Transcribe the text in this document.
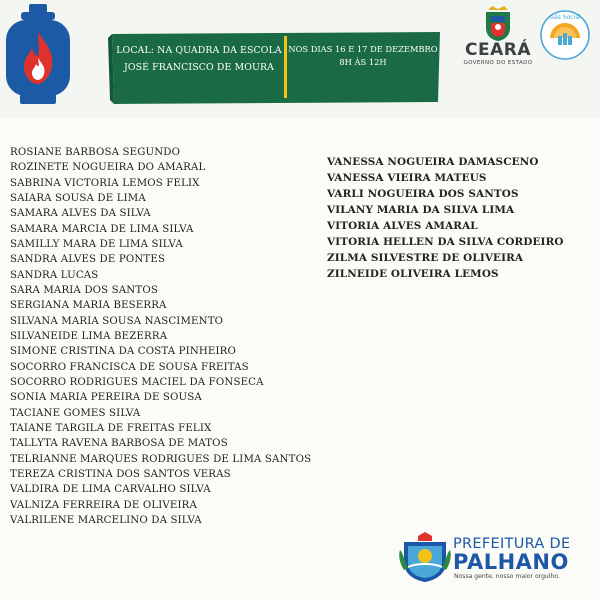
LOCAL: NA QUADRA DA ESCOLA
JOSÉ FRANCISCO DE MOURA
NOS DIAS 16 E 17 DE DEZEMBRO
8H ÀS 12H
CEARÁ
GOVERNO DO ESTADO
Gás Social
ROSIANE BARBOSA SEGUNDO
ROZINETE NOGUEIRA DO AMARAL
SABRINA VICTORIA LEMOS FELIX
SAIARA SOUSA DE LIMA
SAMARA ALVES DA SILVA
SAMARA MARCIA DE LIMA SILVA
SAMILLY MARA DE LIMA SILVA
SANDRA ALVES DE PONTES
SANDRA LUCAS
SARA MARIA DOS SANTOS
SERGIANA MARIA BESERRA
SILVANA MARIA SOUSA NASCIMENTO
SILVANEIDE LIMA BEZERRA
SIMONE CRISTINA DA COSTA PINHEIRO
SOCORRO FRANCISCA DE SOUSA FREITAS
SOCORRO RODRIGUES MACIEL DA FONSECA
SONIA MARIA PEREIRA DE SOUSA
TACIANE GOMES SILVA
TAIANE TARGILA DE FREITAS FELIX
TALLYTA RAVENA BARBOSA DE MATOS
TELRIANNE MARQUES RODRIGUES DE LIMA SANTOS
TEREZA CRISTINA DOS SANTOS VERAS
VALDIRA DE LIMA CARVALHO SILVA
VALNIZA FERREIRA DE OLIVEIRA
VALRILENE MARCELINO DA SILVA
VANESSA NOGUEIRA DAMASCENO
VANESSA VIEIRA MATEUS
VARLI NOGUEIRA DOS SANTOS
VILANY MARIA DA SILVA LIMA
VITORIA ALVES AMARAL
VITORIA HELLEN DA SILVA CORDEIRO
ZILMA SILVESTRE DE OLIVEIRA
ZILNEIDE OLIVEIRA LEMOS
PREFEITURA DE
PALHANO
Nossa gente, nosso maior orgulho.
